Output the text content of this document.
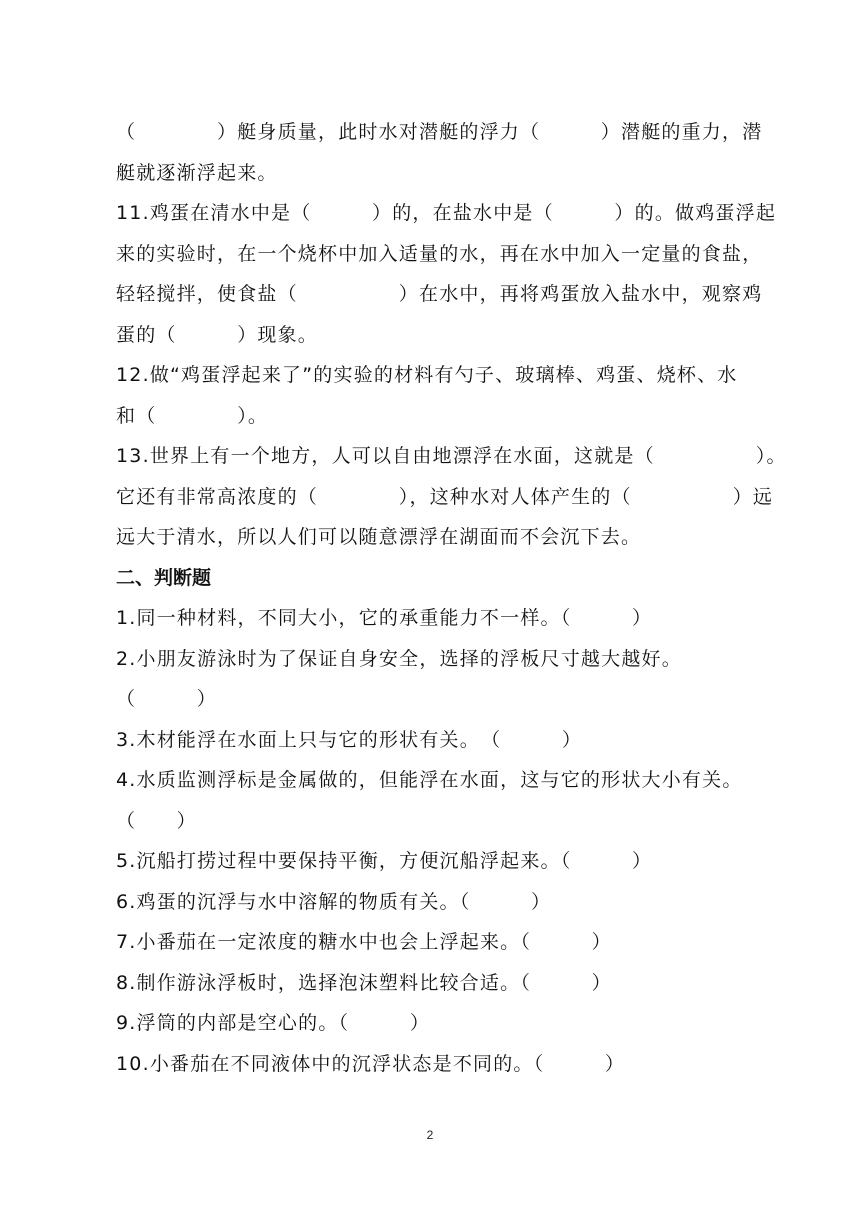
（　　　　）艇身质量，此时水对潜艇的浮力（　　　）潜艇的重力，潜
艇就逐渐浮起来。
11.鸡蛋在清水中是（　　　）的，在盐水中是（　　　）的。做鸡蛋浮起
来的实验时，在一个烧杯中加入适量的水，再在水中加入一定量的食盐，
轻轻搅拌，使食盐（　　　　　）在水中，再将鸡蛋放入盐水中，观察鸡
蛋的（　　　）现象。
12.做“鸡蛋浮起来了”的实验的材料有勺子、玻璃棒、鸡蛋、烧杯、水
和（　　　　）。
13.世界上有一个地方，人可以自由地漂浮在水面，这就是（　　　　　）。
它还有非常高浓度的（　　　　），这种水对人体产生的（　　　　　）远
远大于清水，所以人们可以随意漂浮在湖面而不会沉下去。
二、判断题
1.同一种材料，不同大小，它的承重能力不一样。（　　　）
2.小朋友游泳时为了保证自身安全，选择的浮板尺寸越大越好。
（　　　）
3.木材能浮在水面上只与它的形状有关。　（　　　）
4.水质监测浮标是金属做的，但能浮在水面，这与它的形状大小有关。
（　　）
5.沉船打捞过程中要保持平衡，方便沉船浮起来。（　　　）
6.鸡蛋的沉浮与水中溶解的物质有关。（　　　）
7.小番茄在一定浓度的糖水中也会上浮起来。（　　　）
8.制作游泳浮板时，选择泡沫塑料比较合适。（　　　）
9.浮筒的内部是空心的。（　　　）
10.小番茄在不同液体中的沉浮状态是不同的。（　　　）
2
